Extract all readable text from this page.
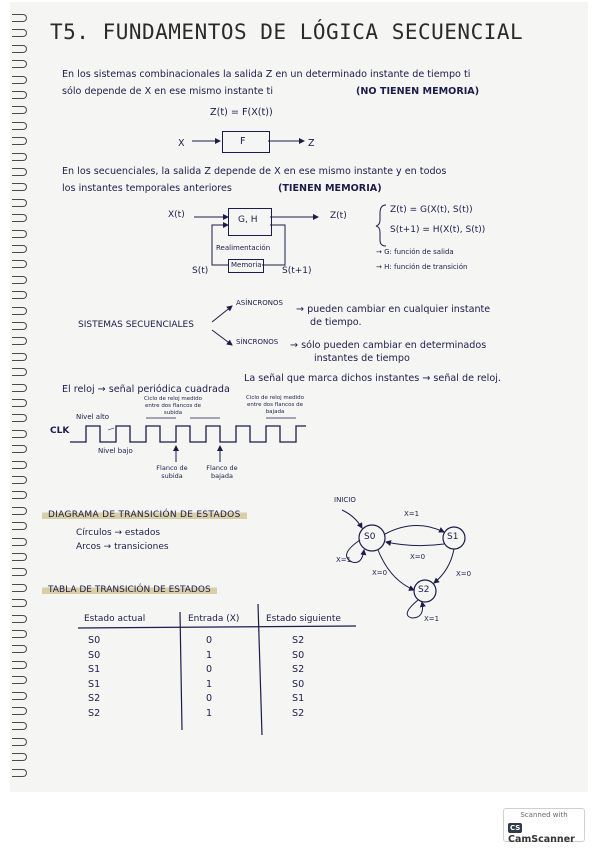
T5. FUNDAMENTOS DE LÓGICA SECUENCIAL
En los sistemas combinacionales la salida Z en un determinado instante de tiempo ti
sólo depende de X en ese mismo instante ti	(NO TIENEN MEMORIA)
Z(t) = F(X(t))
X	F	Z
En los secuenciales, la salida Z depende de X en ese mismo instante y en todos
los instantes temporales anteriores	(TIENEN MEMORIA)
X(t)	G, H	Z(t)
Realimentación
Memoria
S(t)	S(t+1)
Z(t) = G(X(t), S(t))
S(t+1) = H(X(t), S(t))
→ G: función de salida
→ H: función de transición
SISTEMAS SECUENCIALES
ASÍNCRONOS
→ pueden cambiar en cualquier instante
de tiempo.
SÍNCRONOS → sólo pueden cambiar en determinados
instantes de tiempo
La señal que marca dichos instantes → señal de reloj.
El reloj → señal periódica cuadrada
CLK
Nivel alto
Nivel bajo
Ciclo de reloj medido entre dos flancos de subida
Ciclo de reloj medido entre dos flancos de bajada
Flanco de subida
Flanco de bajada
DIAGRAMA DE TRANSICIÓN DE ESTADOS
Círculos → estados
Arcos → transiciones
INICIO
S0	S1
S2
X=1
X=1	X=0
X=0
X=0
X=1
TABLA DE TRANSICIÓN DE ESTADOS
Estado actual	Entrada (X)	Estado siguiente
S0	0	S2
S0	1	S0
S1	0	S2
S1	1	S0
S2	0	S1
S2	1	S2
Scanned with
CSCamScanner
